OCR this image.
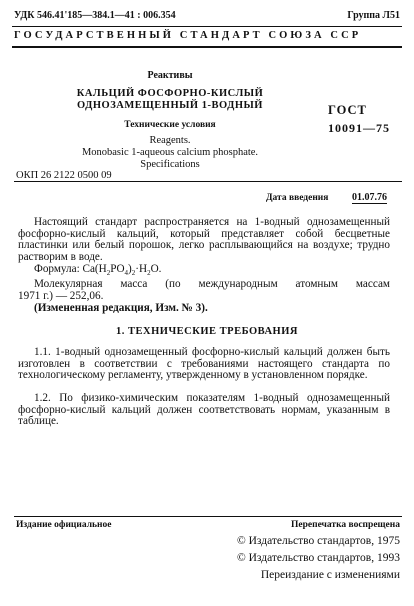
УДК 546.41'185—384.1—41 : 006.354	Группа Л51
ГОСУДАРСТВЕННЫЙ СТАНДАРТ СОЮЗА ССР
Реактивы
КАЛЬЦИЙ ФОСФОРНО-КИСЛЫЙ
ОДНОЗАМЕЩЕННЫЙ 1-ВОДНЫЙ
Технические условия
Reagents.
Monobasic 1-aqueous calcium phosphate.
Specifications
ГОСТ
10091—75
ОКП 26 2122 0500 09
Дата введения 01.07.76
Настоящий стандарт распространяется на 1-водный однозамещенный фосфорно-кислый кальций, который представляет собой бесцветные пластинки или белый порошок, легко расплывающийся на воздухе; трудно растворим в воде.
Формула: $Ca(H_2PO_4)_2\cdot H_2O$.
Молекулярная масса (по международным атомным массам
1971 г.) — 252,06.
(Измененная редакция, Изм. № 3).
1. ТЕХНИЧЕСКИЕ ТРЕБОВАНИЯ
1.1. 1-водный однозамещенный фосфорно-кислый кальций должен быть изготовлен в соответствии с требованиями настоящего стандарта по технологическому регламенту, утвержденному в установленном порядке.
1.2. По физико-химическим показателям 1-водный однозамещенный фосфорно-кислый кальций должен соответствовать нормам, указанным в таблице.
Издание официальное	Перепечатка воспрещена
© Издательство стандартов, 1975
© Издательство стандартов, 1993
Переиздание с изменениями
